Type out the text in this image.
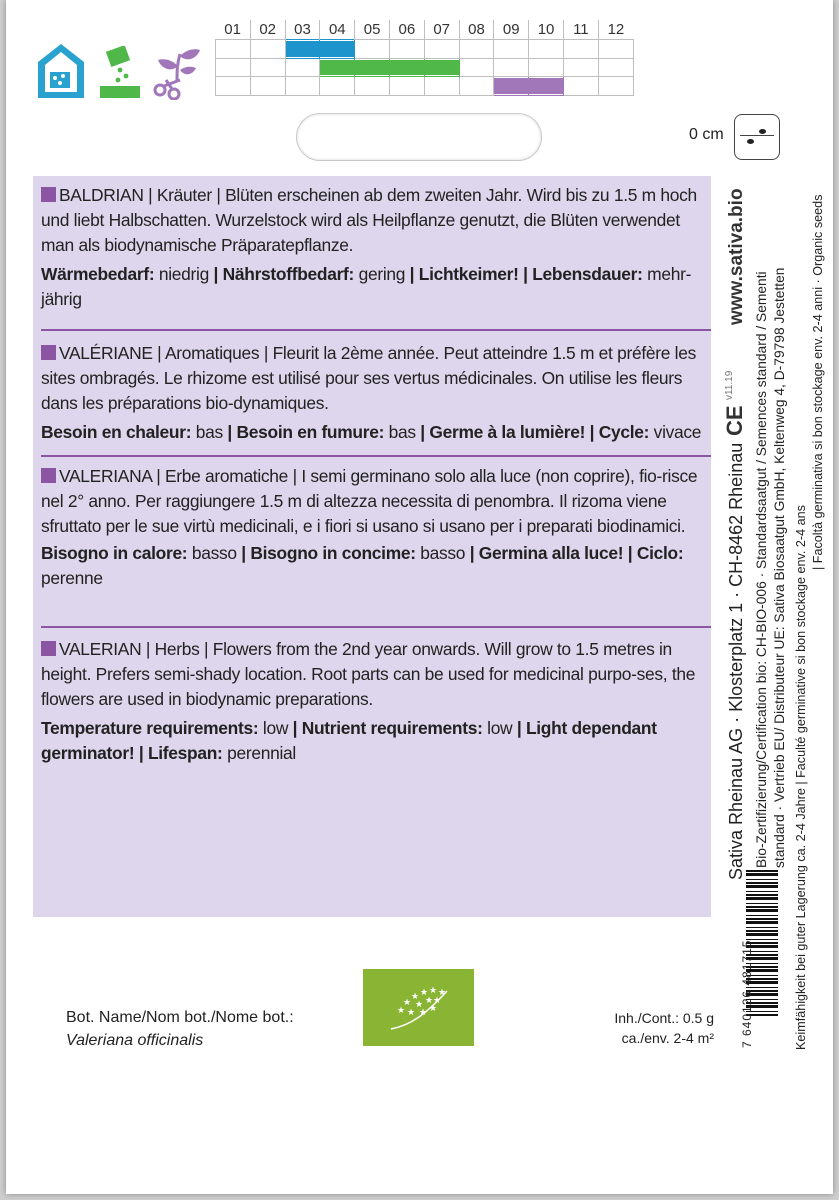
01	02	03	04	05	06	07	08	09	10	11	12

0 cm

BALDRIAN | Kräuter | Blüten erscheinen ab dem zweiten Jahr. Wird bis zu 1.5 m hoch und liebt Halbschatten. Wurzelstock wird als Heilpflanze genutzt, die Blüten verwendet man als biodynamische Präparatepflanze.

Wärmebedarf: niedrig | Nährstoffbedarf: gering | Lichtkeimer! | Lebensdauer: mehr-jährig

VALÉRIANE | Aromatiques | Fleurit la 2ème année. Peut atteindre 1.5 m et préfère les sites ombragés. Le rhizome est utilisé pour ses vertus médicinales. On utilise les fleurs dans les préparations bio-dynamiques.

Besoin en chaleur: bas | Besoin en fumure: bas | Germe à la lumière! | Cycle: vivace

VALERIANA | Erbe aromatiche | I semi germinano solo alla luce (non coprire), fio-risce nel 2° anno. Per raggiungere 1.5 m di altezza necessita di penombra. Il rizoma viene sfruttato per le sue virtù medicinali, e i fiori si usano si usano per i preparati biodinamici.

Bisogno in calore: basso | Bisogno in concime: basso | Germina alla luce! | Ciclo: perenne

VALERIAN | Herbs | Flowers from the 2nd year onwards. Will grow to 1.5 metres in height. Prefers semi-shady location. Root parts can be used for medicinal purpo-ses, the flowers are used in biodynamic preparations.

Temperature requirements: low | Nutrient requirements: low | Light dependant germinator! | Lifespan: perennial

www.sativa.bio
v11.19
CE
Sativa Rheinau AG · Klosterplatz 1 · CH-8462 Rheinau Bio-Zertifizierung/Certification bio: CH-BIO-006 · Standardsaatgut / Semences standard / Sementi standard · Vertrieb EU/ Distributeur UE: Sativa Biosaatgut GmbH, Keltenweg 4, D-79798 Jestetten
7 640126 481715	Keimfähigkeit bei guter Lagerung ca. 2-4 Jahre | Faculté germinative si bon stockage env. 2-4 ans
| Facoltà germinativa si bon stockage env. 2-4 anni · Organic seeds
Bot. Name/Nom bot./Nome bot.:
Valeriana officinalis
★
★
★ ★ ★ ★
★ ★
★
★ ★ ★
Inh./Cont.: 0.5 g
ca./env. 2-4 m²
